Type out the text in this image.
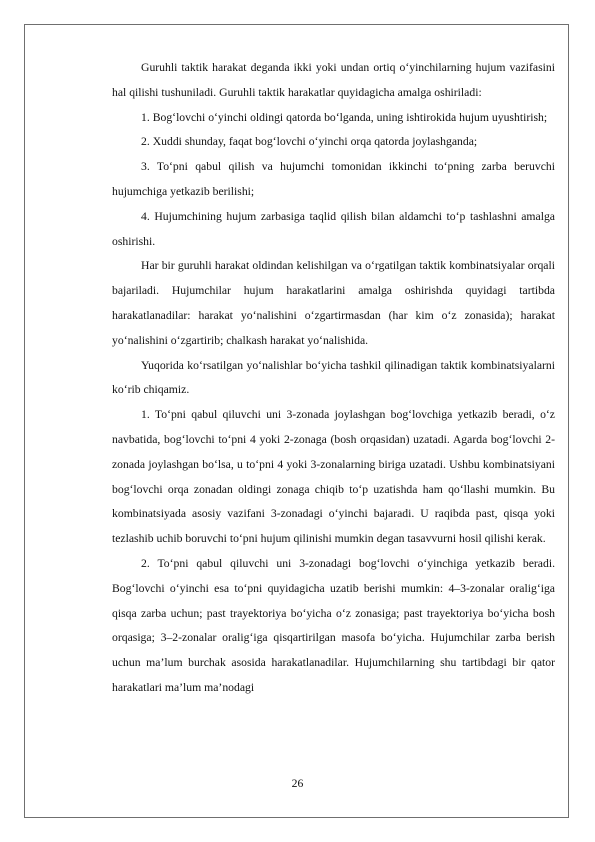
Guruhli taktik harakat deganda ikki yoki undan ortiq o‘yinchilarning hujum vazifasini hal qilishi tushuniladi. Guruhli taktik harakatlar quyidagicha amalga oshiriladi:

1. Bog‘lovchi o‘yinchi oldingi qatorda bo‘lganda, uning ishtirokida hujum uyushtirish;

2. Xuddi shunday, faqat bog‘lovchi o‘yinchi orqa qatorda joylashganda;

3. To‘pni qabul qilish va hujumchi tomonidan ikkinchi to‘pning zarba beruvchi hujumchiga yetkazib berilishi;

4. Hujumchining hujum zarbasiga taqlid qilish bilan aldamchi to‘p tashlashni amalga oshirishi.

Har bir guruhli harakat oldindan kelishilgan va o‘rgatilgan taktik kombinatsiyalar orqali bajariladi. Hujumchilar hujum harakatlarini amalga oshirishda quyidagi tartibda harakatlanadilar: harakat yo‘nalishini o‘zgartirmasdan (har kim o‘z zonasida); harakat yo‘nalishini o‘zgartirib; chalkash harakat yo‘nalishida.

Yuqorida ko‘rsatilgan yo‘nalishlar bo‘yicha tashkil qilinadigan taktik kombinatsiyalarni ko‘rib chiqamiz.

1. To‘pni qabul qiluvchi uni 3-zonada joylashgan bog‘lovchiga yetkazib beradi, o‘z navbatida, bog‘lovchi to‘pni 4 yoki 2-zonaga (bosh orqasidan) uzatadi. Agarda bog‘lovchi 2-zonada joylashgan bo‘lsa, u to‘pni 4 yoki 3-zonalarning biriga uzatadi. Ushbu kombinatsiyani bog‘lovchi orqa zonadan oldingi zonaga chiqib to‘p uzatishda ham qo‘llashi mumkin. Bu kombinatsiyada asosiy vazifani 3-zonadagi o‘yinchi bajaradi. U raqibda past, qisqa yoki tezlashib uchib boruvchi to‘pni hujum qilinishi mumkin degan tasavvurni hosil qilishi kerak.

2. To‘pni qabul qiluvchi uni 3-zonadagi bog‘lovchi o‘yinchiga yetkazib beradi. Bog‘lovchi o‘yinchi esa to‘pni quyidagicha uzatib berishi mumkin: 4–3-zonalar oralig‘iga qisqa zarba uchun; past trayektoriya bo‘yicha o‘z zonasiga; past trayektoriya bo‘yicha bosh orqasiga; 3–2-zonalar oralig‘iga qisqartirilgan masofa bo‘yicha. Hujumchilar zarba berish uchun ma’lum burchak asosida harakatlanadilar. Hujumchilarning shu tartibdagi bir qator harakatlari ma’lum ma’nodagi

26
